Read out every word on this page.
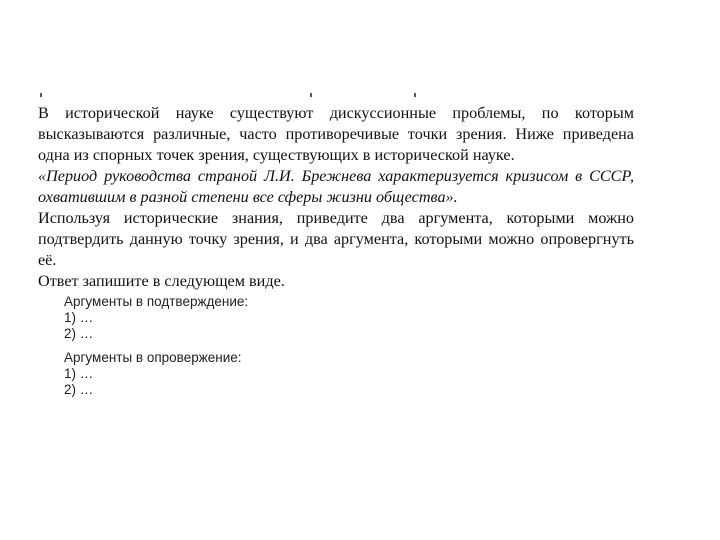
В исторической науке существуют дискуссионные проблемы, по которым высказываются различные, часто противоречивые точки зрения. Ниже приведена одна из спорных точек зрения, существующих в исторической науке.

«Период руководства страной Л.И. Брежнева характеризуется кризисом в СССР, охватившим в разной степени все сферы жизни общества».

Используя исторические знания, приведите два аргумента, которыми можно подтвердить данную точку зрения, и два аргумента, которыми можно опровергнуть её.

Ответ запишите в следующем виде.

Аргументы в подтверждение:

1) …

2) …

Аргументы в опровержение:

1) …

2) …
